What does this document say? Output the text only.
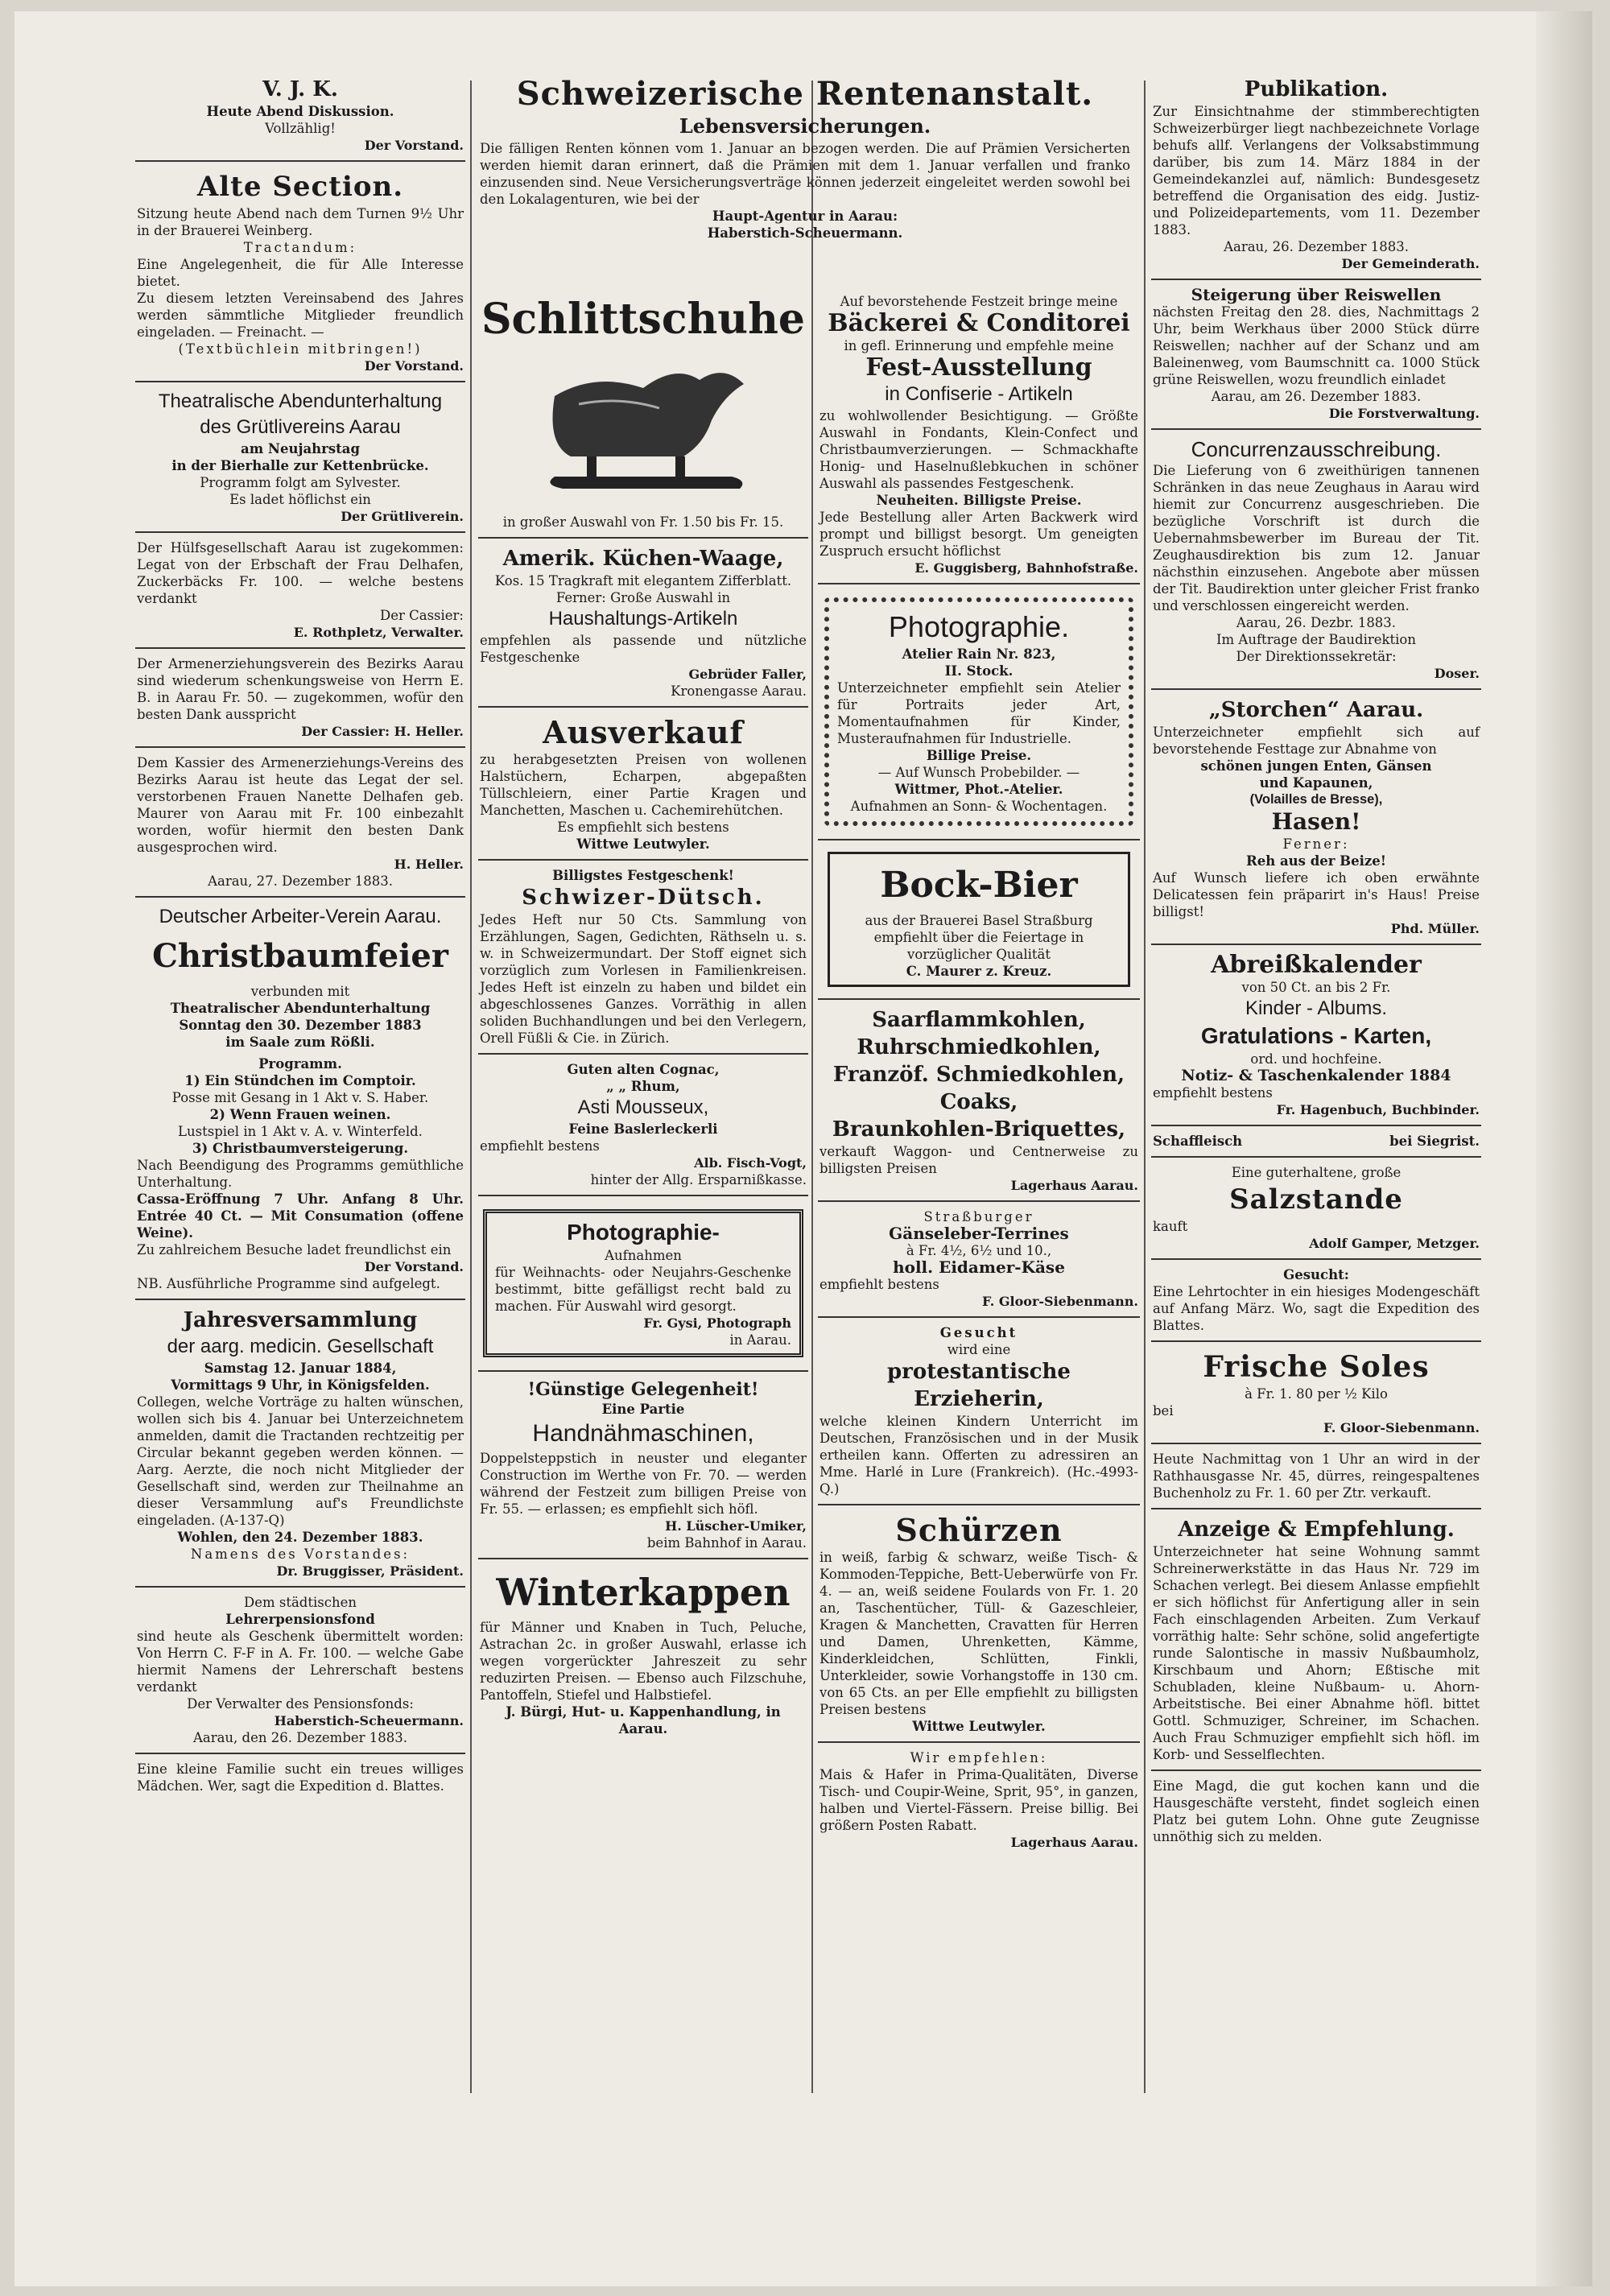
V. J. K.

Heute Abend Diskussion.

Vollzählig!

Der Vorstand.

Alte Section.

Sitzung heute Abend nach dem Turnen 9½ Uhr in der Brauerei Weinberg.

Tractandum:

Eine Angelegenheit, die für Alle Interesse bietet.

Zu diesem letzten Vereinsabend des Jahres werden sämmtliche Mitglieder freundlich eingeladen. — Freinacht. —

(Textbüchlein mitbringen!)

Der Vorstand.

Theatralische Abendunterhaltung

des Grütlivereins Aarau

am Neujahrstag

in der Bierhalle zur Kettenbrücke.

Programm folgt am Sylvester.

Es ladet höflichst ein

Der Grütliverein.

Der Hülfsgesellschaft Aarau ist zugekommen: Legat von der Erbschaft der Frau Delhafen, Zuckerbäcks Fr. 100. — welche bestens verdankt

Der Cassier:

E. Rothpletz, Verwalter.

Der Armenerziehungsverein des Bezirks Aarau sind wiederum schenkungsweise von Herrn E. B. in Aarau Fr. 50. — zugekommen, wofür den besten Dank ausspricht

Der Cassier: H. Heller.

Dem Kassier des Armenerziehungs-Vereins des Bezirks Aarau ist heute das Legat der sel. verstorbenen Frauen Nanette Delhafen geb. Maurer von Aarau mit Fr. 100 einbezahlt worden, wofür hiermit den besten Dank ausgesprochen wird.

H. Heller.

Aarau, 27. Dezember 1883.

Deutscher Arbeiter-Verein Aarau.

Christbaumfeier

verbunden mit

Theatralischer Abendunterhaltung

Sonntag den 30. Dezember 1883

im Saale zum Rößli.

Programm.

1) Ein Stündchen im Comptoir.

Posse mit Gesang in 1 Akt v. S. Haber.

2) Wenn Frauen weinen.

Lustspiel in 1 Akt v. A. v. Winterfeld.

3) Christbaumversteigerung.

Nach Beendigung des Programms gemüthliche Unterhaltung.

Cassa-Eröffnung 7 Uhr. Anfang 8 Uhr. Entrée 40 Ct. — Mit Consumation (offene Weine).

Zu zahlreichem Besuche ladet freundlichst ein

Der Vorstand.

NB. Ausführliche Programme sind aufgelegt.

Jahresversammlung

der aarg. medicin. Gesellschaft

Samstag 12. Januar 1884,

Vormittags 9 Uhr, in Königsfelden.

Collegen, welche Vorträge zu halten wünschen, wollen sich bis 4. Januar bei Unterzeichnetem anmelden, damit die Tractanden rechtzeitig per Circular bekannt gegeben werden können. — Aarg. Aerzte, die noch nicht Mitglieder der Gesellschaft sind, werden zur Theilnahme an dieser Versammlung auf's Freundlichste eingeladen. (A-137-Q)

Wohlen, den 24. Dezember 1883.

Namens des Vorstandes:

Dr. Bruggisser, Präsident.

Dem städtischen

Lehrerpensionsfond

sind heute als Geschenk übermittelt worden: Von Herrn C. F-F in A. Fr. 100. — welche Gabe hiermit Namens der Lehrerschaft bestens verdankt

Der Verwalter des Pensionsfonds:

Haberstich-Scheuermann.

Aarau, den 26. Dezember 1883.

Eine kleine Familie sucht ein treues williges Mädchen. Wer, sagt die Expedition d. Blattes.

Schweizerische Rentenanstalt.

Lebensversicherungen.

Die fälligen Renten können vom 1. Januar an bezogen werden. Die auf Prämien Versicherten werden hiemit daran erinnert, daß die Prämien mit dem 1. Januar verfallen und franko einzusenden sind. Neue Versicherungsverträge können jederzeit eingeleitet werden sowohl bei den Lokalagenturen, wie bei der

Haupt-Agentur in Aarau:

Haberstich-Scheuermann.

Schlittschuhe

in großer Auswahl von Fr. 1.50 bis Fr. 15.

Amerik. Küchen-Waage,

Kos. 15 Tragkraft mit elegantem Zifferblatt.

Ferner: Große Auswahl in

Haushaltungs-Artikeln

empfehlen als passende und nützliche Festgeschenke

Gebrüder Faller,

Kronengasse Aarau.

Ausverkauf

zu herabgesetzten Preisen von wollenen Halstüchern, Echarpen, abgepaßten Tüllschleiern, einer Partie Kragen und Manchetten, Maschen u. Cachemirehütchen.

Es empfiehlt sich bestens

Wittwe Leutwyler.

Billigstes Festgeschenk!

Schwizer-Dütsch.

Jedes Heft nur 50 Cts. Sammlung von Erzählungen, Sagen, Gedichten, Räthseln u. s. w. in Schweizermundart. Der Stoff eignet sich vorzüglich zum Vorlesen in Familienkreisen. Jedes Heft ist einzeln zu haben und bildet ein abgeschlossenes Ganzes. Vorräthig in allen soliden Buchhandlungen und bei den Verlegern, Orell Füßli & Cie. in Zürich.

Guten alten Cognac,

„ „ Rhum,

Asti Mousseux,

Feine Baslerleckerli

empfiehlt bestens

Alb. Fisch-Vogt,

hinter der Allg. Ersparnißkasse.

Photographie-

Aufnahmen

für Weihnachts- oder Neujahrs-Geschenke bestimmt, bitte gefälligst recht bald zu machen. Für Auswahl wird gesorgt.

Fr. Gysi, Photograph

in Aarau.

!Günstige Gelegenheit!

Eine Partie

Handnähmaschinen,

Doppelsteppstich in neuster und eleganter Construction im Werthe von Fr. 70. — werden während der Festzeit zum billigen Preise von Fr. 55. — erlassen; es empfiehlt sich höfl.

H. Lüscher-Umiker,

beim Bahnhof in Aarau.

Winterkappen

für Männer und Knaben in Tuch, Peluche, Astrachan 2c. in großer Auswahl, erlasse ich wegen vorgerückter Jahreszeit zu sehr reduzirten Preisen. — Ebenso auch Filzschuhe, Pantoffeln, Stiefel und Halbstiefel.

J. Bürgi, Hut- u. Kappenhandlung, in Aarau.

Auf bevorstehende Festzeit bringe meine

Bäckerei & Conditorei

in gefl. Erinnerung und empfehle meine

Fest-Ausstellung

in Confiserie - Artikeln

zu wohlwollender Besichtigung. — Größte Auswahl in Fondants, Klein-Confect und Christbaumverzierungen. — Schmackhafte Honig- und Haselnußlebkuchen in schöner Auswahl als passendes Festgeschenk.

Neuheiten. Billigste Preise.

Jede Bestellung aller Arten Backwerk wird prompt und billigst besorgt. Um geneigten Zuspruch ersucht höflichst

E. Guggisberg, Bahnhofstraße.

Photographie.

Atelier Rain Nr. 823,

II. Stock.

Unterzeichneter empfiehlt sein Atelier für Portraits jeder Art, Momentaufnahmen für Kinder, Musteraufnahmen für Industrielle.

Billige Preise.

— Auf Wunsch Probebilder. —

Wittmer, Phot.-Atelier.

Aufnahmen an Sonn- & Wochentagen.

Bock-Bier

aus der Brauerei Basel Straßburg empfiehlt über die Feiertage in vorzüglicher Qualität

C. Maurer z. Kreuz.

Saarflammkohlen,

Ruhrschmiedkohlen,

Franzöf. Schmiedkohlen,

Coaks,

Braunkohlen-Briquettes,

verkauft Waggon- und Centnerweise zu billigsten Preisen

Lagerhaus Aarau.

Straßburger

Gänseleber-Terrines

à Fr. 4½, 6½ und 10.,

holl. Eidamer-Käse

empfiehlt bestens

F. Gloor-Siebenmann.

Gesucht

wird eine

protestantische Erzieherin,

welche kleinen Kindern Unterricht im Deutschen, Französischen und in der Musik ertheilen kann. Offerten zu adressiren an Mme. Harlé in Lure (Frankreich). (Hc.-4993-Q.)

Schürzen

in weiß, farbig & schwarz, weiße Tisch- & Kommoden-Teppiche, Bett-Ueberwürfe von Fr. 4. — an, weiß seidene Foulards von Fr. 1. 20 an, Taschentücher, Tüll- & Gazeschleier, Kragen & Manchetten, Cravatten für Herren und Damen, Uhrenketten, Kämme, Kinderkleidchen, Schlütten, Finkli, Unterkleider, sowie Vorhangstoffe in 130 cm. von 65 Cts. an per Elle empfiehlt zu billigsten Preisen bestens

Wittwe Leutwyler.

Wir empfehlen:

Mais & Hafer in Prima-Qualitäten, Diverse Tisch- und Coupir-Weine, Sprit, 95°, in ganzen, halben und Viertel-Fässern. Preise billig. Bei größern Posten Rabatt.

Lagerhaus Aarau.

Publikation.

Zur Einsichtnahme der stimmberechtigten Schweizerbürger liegt nachbezeichnete Vorlage behufs allf. Verlangens der Volksabstimmung darüber, bis zum 14. März 1884 in der Gemeindekanzlei auf, nämlich: Bundesgesetz betreffend die Organisation des eidg. Justiz- und Polizeidepartements, vom 11. Dezember 1883.

Aarau, 26. Dezember 1883.

Der Gemeinderath.

Steigerung über Reiswellen

nächsten Freitag den 28. dies, Nachmittags 2 Uhr, beim Werkhaus über 2000 Stück dürre Reiswellen; nachher auf der Schanz und am Baleinenweg, vom Baumschnitt ca. 1000 Stück grüne Reiswellen, wozu freundlich einladet

Aarau, am 26. Dezember 1883.

Die Forstverwaltung.

Concurrenzausschreibung.

Die Lieferung von 6 zweithürigen tannenen Schränken in das neue Zeughaus in Aarau wird hiemit zur Concurrenz ausgeschrieben. Die bezügliche Vorschrift ist durch die Uebernahmsbewerber im Bureau der Tit. Zeughausdirektion bis zum 12. Januar nächsthin einzusehen. Angebote aber müssen der Tit. Baudirektion unter gleicher Frist franko und verschlossen eingereicht werden.

Aarau, 26. Dezbr. 1883.

Im Auftrage der Baudirektion

Der Direktionssekretär:

Doser.

„Storchen“ Aarau.

Unterzeichneter empfiehlt sich auf bevorstehende Festtage zur Abnahme von

schönen jungen Enten, Gänsen

und Kapaunen,

(Volailles de Bresse),

Hasen!

Ferner:

Reh aus der Beize!

Auf Wunsch liefere ich oben erwähnte Delicatessen fein präparirt in's Haus! Preise billigst!

Phd. Müller.

Abreißkalender

von 50 Ct. an bis 2 Fr.

Kinder - Albums.

Gratulations - Karten,

ord. und hochfeine.

Notiz- & Taschenkalender 1884

empfiehlt bestens

Fr. Hagenbuch, Buchbinder.

Schaffleisch	bei Siegrist.

Eine guterhaltene, große

Salzstande

kauft

Adolf Gamper, Metzger.

Gesucht:

Eine Lehrtochter in ein hiesiges Modengeschäft auf Anfang März. Wo, sagt die Expedition des Blattes.

Frische Soles

à Fr. 1. 80 per ½ Kilo

bei

F. Gloor-Siebenmann.

Heute Nachmittag von 1 Uhr an wird in der Rathhausgasse Nr. 45, dürres, reingespaltenes Buchenholz zu Fr. 1. 60 per Ztr. verkauft.

Anzeige & Empfehlung.

Unterzeichneter hat seine Wohnung sammt Schreinerwerkstätte in das Haus Nr. 729 im Schachen verlegt. Bei diesem Anlasse empfiehlt er sich höflichst für Anfertigung aller in sein Fach einschlagenden Arbeiten. Zum Verkauf vorräthig halte: Sehr schöne, solid angefertigte runde Salontische in massiv Nußbaumholz, Kirschbaum und Ahorn; Eßtische mit Schubladen, kleine Nußbaum- u. Ahorn-Arbeitstische. Bei einer Abnahme höfl. bittet Gottl. Schmuziger, Schreiner, im Schachen. Auch Frau Schmuziger empfiehlt sich höfl. im Korb- und Sesselflechten.

Eine Magd, die gut kochen kann und die Hausgeschäfte versteht, findet sogleich einen Platz bei gutem Lohn. Ohne gute Zeugnisse unnöthig sich zu melden.
